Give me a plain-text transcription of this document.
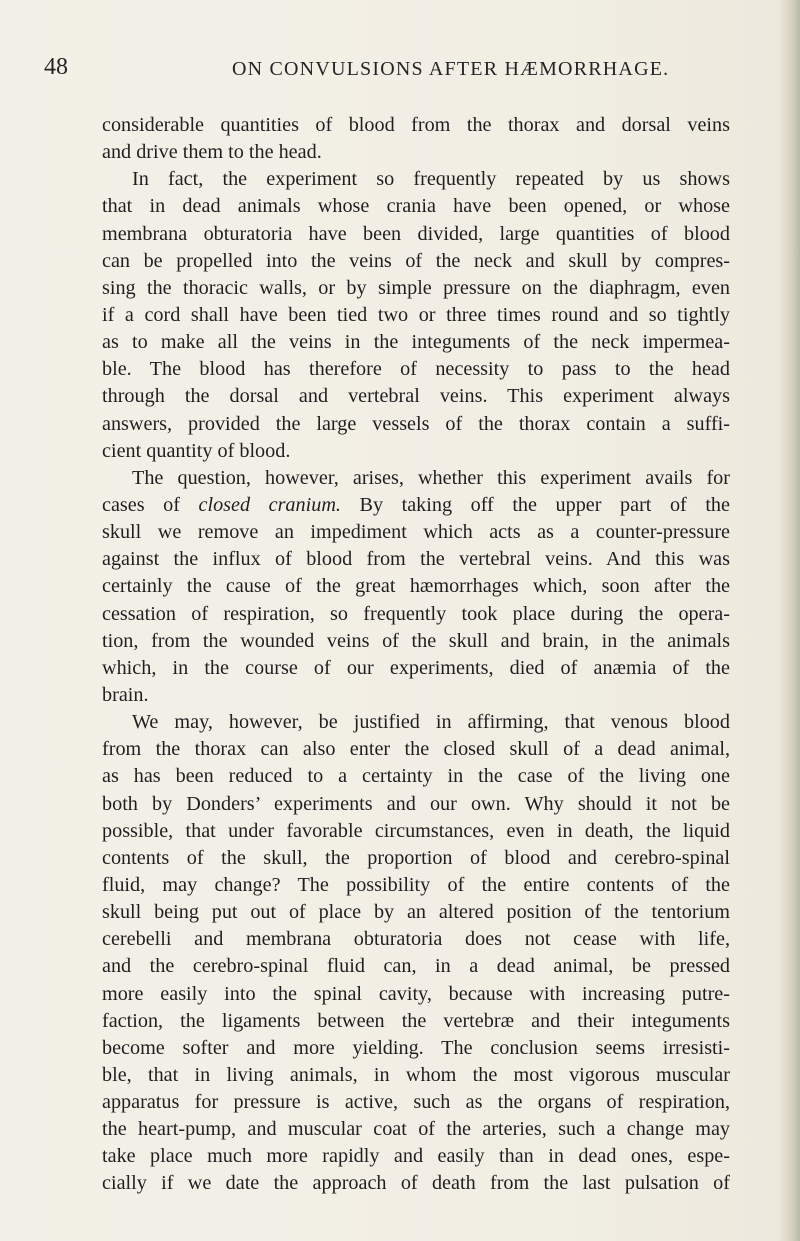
48	ON CONVULSIONS AFTER HÆMORRHAGE.
considerable quantities of blood from the thorax and dorsal veins
and drive them to the head.
In fact, the experiment so frequently repeated by us shows
that in dead animals whose crania have been opened, or whose
membrana obturatoria have been divided, large quantities of blood
can be propelled into the veins of the neck and skull by compres-
sing the thoracic walls, or by simple pressure on the diaphragm, even
if a cord shall have been tied two or three times round and so tightly
as to make all the veins in the integuments of the neck impermea-
ble. The blood has therefore of necessity to pass to the head
through the dorsal and vertebral veins. This experiment always
answers, provided the large vessels of the thorax contain a suffi-
cient quantity of blood.
The question, however, arises, whether this experiment avails for
cases of closed cranium. By taking off the upper part of the
skull we remove an impediment which acts as a counter-pressure
against the influx of blood from the vertebral veins. And this was
certainly the cause of the great hæmorrhages which, soon after the
cessation of respiration, so frequently took place during the opera-
tion, from the wounded veins of the skull and brain, in the animals
which, in the course of our experiments, died of anæmia of the
brain.
We may, however, be justified in affirming, that venous blood
from the thorax can also enter the closed skull of a dead animal,
as has been reduced to a certainty in the case of the living one
both by Donders’ experiments and our own. Why should it not be
possible, that under favorable circumstances, even in death, the liquid
contents of the skull, the proportion of blood and cerebro-spinal
fluid, may change? The possibility of the entire contents of the
skull being put out of place by an altered position of the tentorium
cerebelli and membrana obturatoria does not cease with life,
and the cerebro-spinal fluid can, in a dead animal, be pressed
more easily into the spinal cavity, because with increasing putre-
faction, the ligaments between the vertebræ and their integuments
become softer and more yielding. The conclusion seems irresisti-
ble, that in living animals, in whom the most vigorous muscular
apparatus for pressure is active, such as the organs of respiration,
the heart-pump, and muscular coat of the arteries, such a change may
take place much more rapidly and easily than in dead ones, espe-
cially if we date the approach of death from the last pulsation of
